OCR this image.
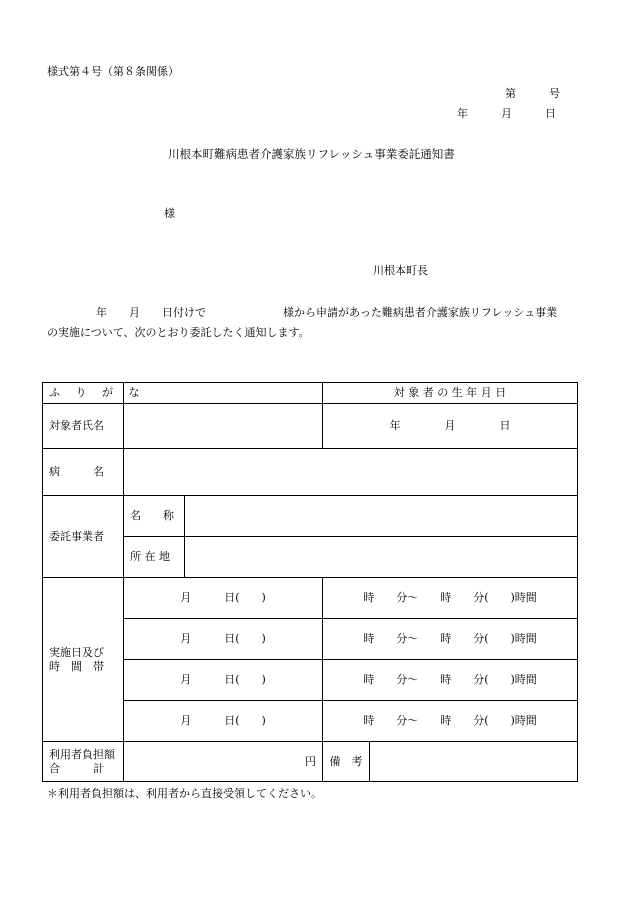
様式第４号（第８条関係）
第　　　号
年　　　月　　　日
川根本町難病患者介護家族リフレッシュ事業委託通知書
様
川根本町長
年　　月　　日付けで　　　　　　　様から申請があった難病患者介護家族リフレッシュ事業
の実施について、次のとおり委託したく通知します。
ふ り が な			対 象 者 の 生 年 月 日	
対象者氏名			年　　　　月　　　　日	
病　　　名				
委託事業者	名　　称			
	所 在 地			
実施日及び
時　間　帯	月　　　日(　　)		時　　分～　　時　　分(　　)時間	
	月　　　日(　　)		時　　分～　　時　　分(　　)時間	
	月　　　日(　　)		時　　分～　　時　　分(　　)時間	
	月　　　日(　　)		時　　分～　　時　　分(　　)時間	
利用者負担額
合　　　計	円		備　考	
＊利用者負担額は、利用者から直接受領してください。
